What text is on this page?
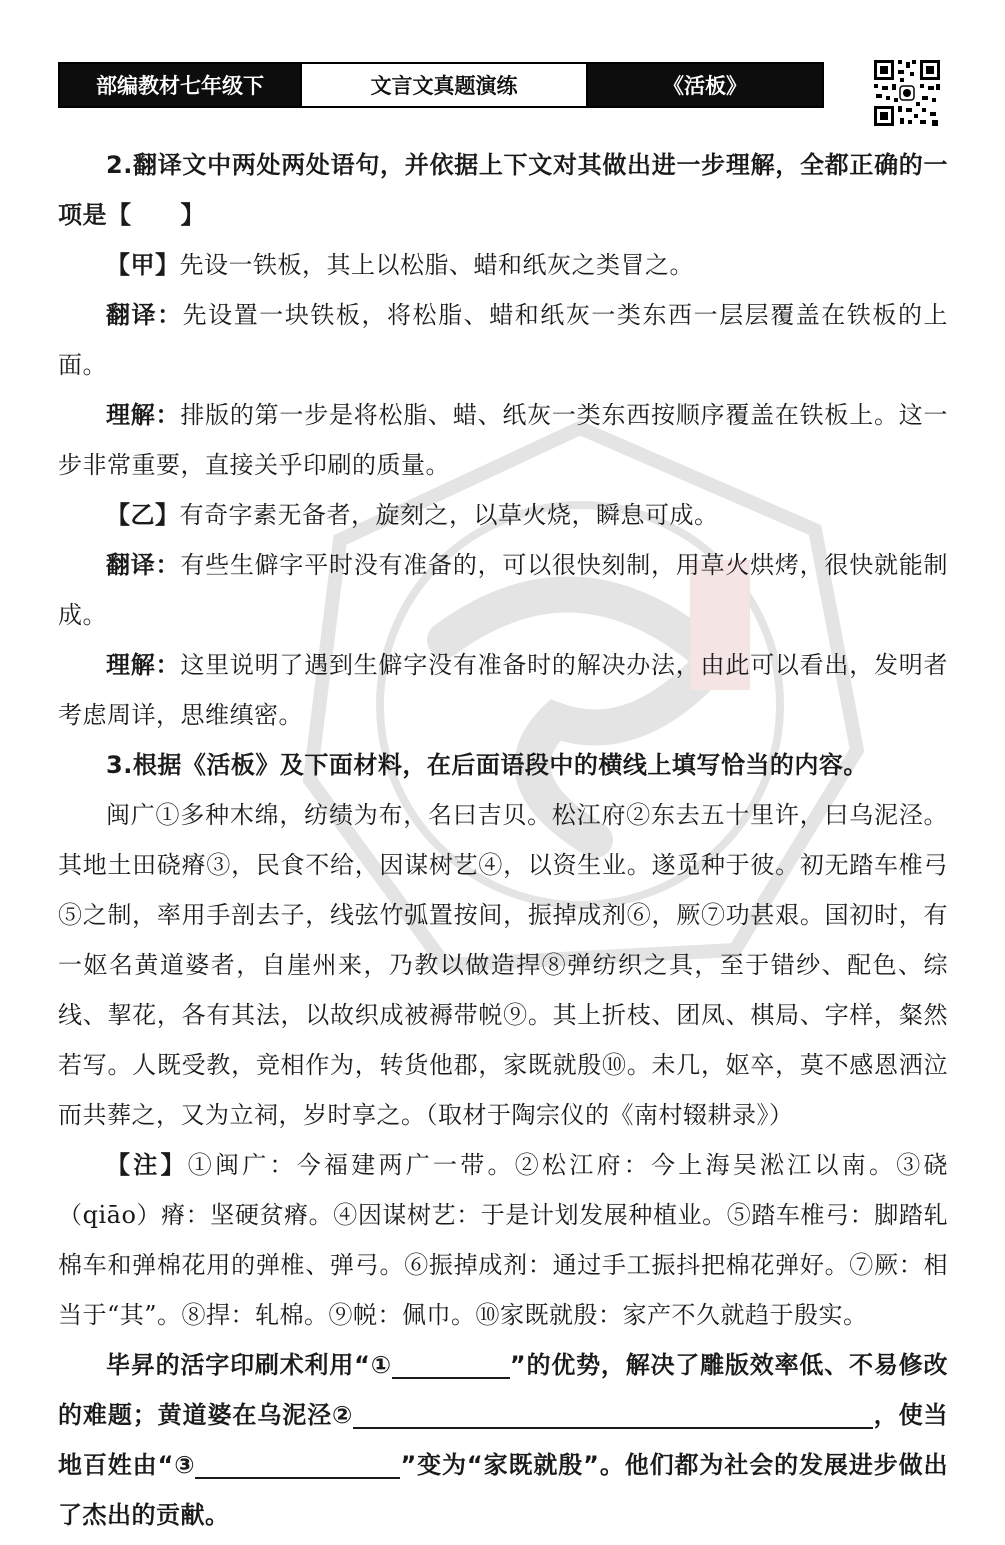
部编教材七年级下	文言文真题演练	《活板》

2.翻译文中两处两处语句，并依据上下文对其做出进一步理解，全都正确的一项是【　　】

【甲】先设一铁板，其上以松脂、蜡和纸灰之类冒之。

翻译：先设置一块铁板，将松脂、蜡和纸灰一类东西一层层覆盖在铁板的上面。

理解：排版的第一步是将松脂、蜡、纸灰一类东西按顺序覆盖在铁板上。这一步非常重要，直接关乎印刷的质量。

【乙】有奇字素无备者，旋刻之，以草火烧，瞬息可成。

翻译：有些生僻字平时没有准备的，可以很快刻制，用草火烘烤，很快就能制成。

理解：这里说明了遇到生僻字没有准备时的解决办法，由此可以看出，发明者考虑周详，思维缜密。

3.根据《活板》及下面材料，在后面语段中的横线上填写恰当的内容。

闽广①多种木绵，纺绩为布，名曰吉贝。松江府②东去五十里许，曰乌泥泾。其地土田硗瘠③，民食不给，因谋树艺④，以资生业。遂觅种于彼。初无踏车椎弓⑤之制，率用手剖去子，线弦竹弧置按间，振掉成剂⑥，厥⑦功甚艰。国初时，有一妪名黄道婆者，自崖州来，乃教以做造捍⑧弹纺织之具，至于错纱、配色、综线、挈花，各有其法，以故织成被褥带帨⑨。其上折枝、团凤、棋局、字样，粲然若写。人既受教，竞相作为，转货他郡，家既就殷⑩。未几，妪卒，莫不感恩洒泣而共葬之，又为立祠，岁时享之。（取材于陶宗仪的《南村辍耕录》）

【注】①闽广：今福建两广一带。②松江府：今上海吴淞江以南。③硗（qiāo）瘠：坚硬贫瘠。④因谋树艺：于是计划发展种植业。⑤踏车椎弓：脚踏轧棉车和弹棉花用的弹椎、弹弓。⑥振掉成剂：通过手工振抖把棉花弹好。⑦厥：相当于“其”。⑧捍：轧棉。⑨帨：佩巾。⑩家既就殷：家产不久就趋于殷实。

毕昇的活字印刷术利用“①	”的优势，解决了雕版效率低、不易修改的难题；黄道婆在乌泥泾②	，使当地百姓由“③	”变为“家既就殷”。他们都为社会的发展进步做出了杰出的贡献。
